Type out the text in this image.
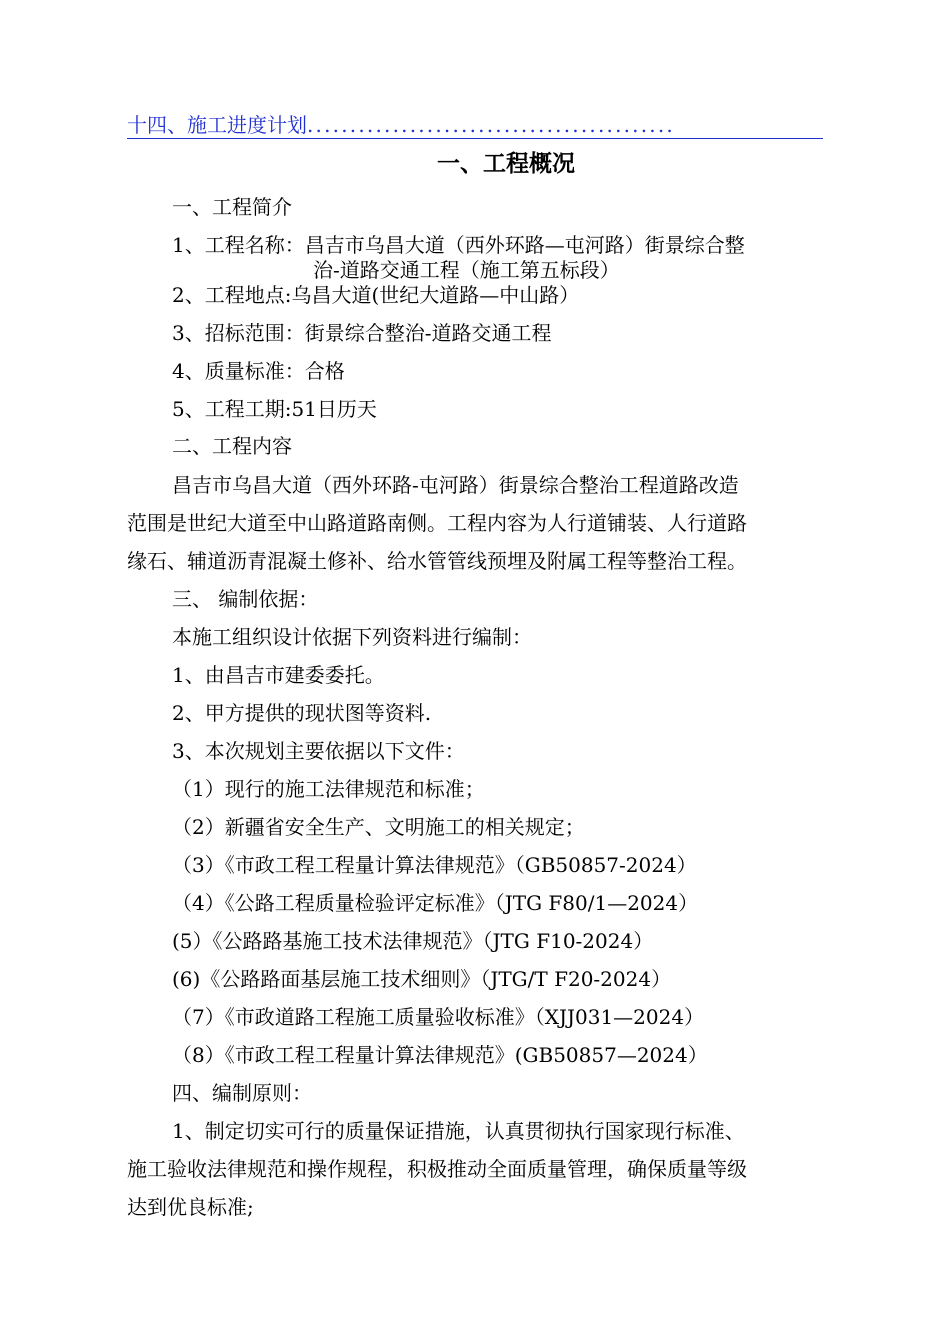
十四、施工进度计划...........................................
一、工程概况
一、工程简介
1、工程名称：昌吉市乌昌大道（西外环路—屯河路）街景综合整
治-道路交通工程（施工第五标段）
2、工程地点:乌昌大道(世纪大道路—中山路）
3、招标范围：街景综合整治-道路交通工程
4、质量标准：合格
5、工程工期:51日历天
二、工程内容
昌吉市乌昌大道（西外环路-屯河路）街景综合整治工程道路改造
范围是世纪大道至中山路道路南侧。工程内容为人行道铺装、人行道路
缘石、辅道沥青混凝土修补、给水管管线预埋及附属工程等整治工程。
三、 编制依据：
本施工组织设计依据下列资料进行编制：
1、由昌吉市建委委托。
2、甲方提供的现状图等资料.
3、本次规划主要依据以下文件：
（1）现行的施工法律规范和标准；
（2）新疆省安全生产、文明施工的相关规定；
（3）《市政工程工程量计算法律规范》（GB50857-2024）
（4）《公路工程质量检验评定标准》（JTG F80/1—2024）
(5）《公路路基施工技术法律规范》（JTG F10-2024）
(6)《公路路面基层施工技术细则》（JTG/T F20-2024）
（7）《市政道路工程施工质量验收标准》（XJJ031—2024）
（8）《市政工程工程量计算法律规范》(GB50857—2024）
四、编制原则：
1、制定切实可行的质量保证措施，认真贯彻执行国家现行标准、
施工验收法律规范和操作规程，积极推动全面质量管理，确保质量等级
达到优良标准;
